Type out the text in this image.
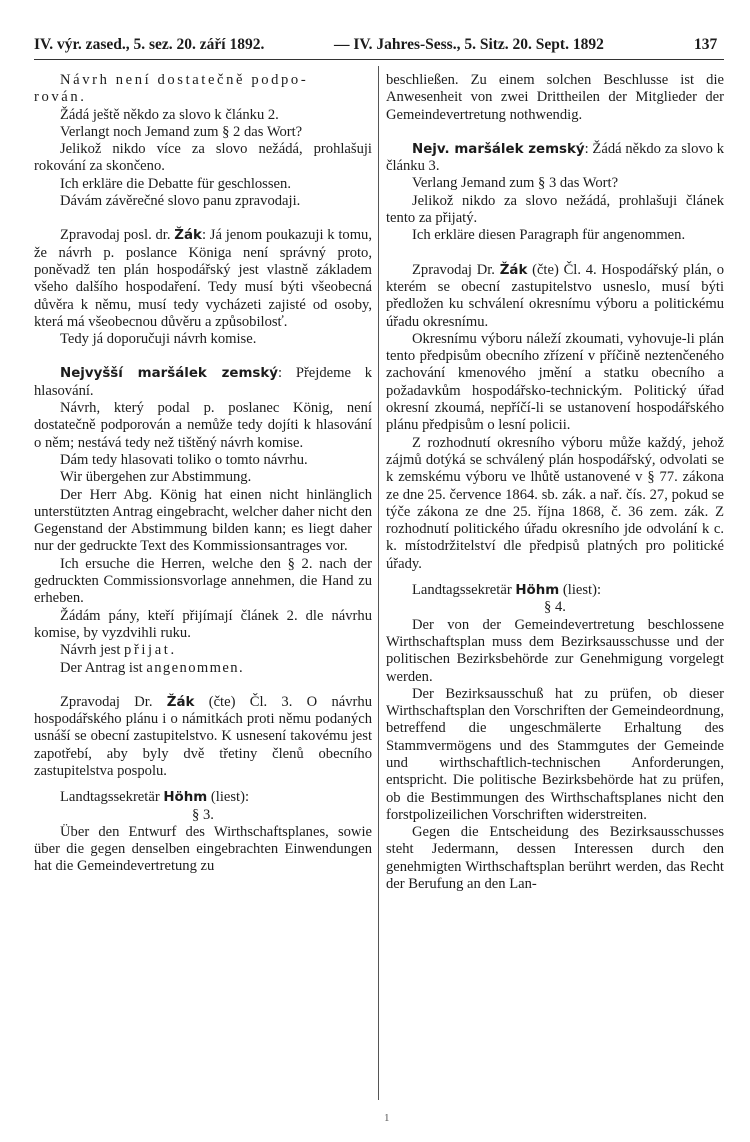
IV. výr. zased., 5. sez. 20. září 1892.	— IV. Jahres-Sess., 5. Sitz. 20. Sept. 1892	137

Návrh není dostatečně podpo-

rován.

Žádá ještě někdo za slovo k článku 2.

Verlangt noch Jemand zum § 2 das Wort?

Jelikož nikdo více za slovo nežádá, prohlašuji rokování za skončeno.

Ich erkläre die Debatte für geschlossen.

Dávám závěrečné slovo panu zpravodaji.

Zpravodaj posl. dr. Žák: Já jenom poukazuji k tomu, že návrh p. poslance Königa není správný proto, poněvadž ten plán hospodářský jest vlastně základem všeho dalšího hospodaření. Tedy musí býti všeobecná důvěra k němu, musí tedy vycházeti zajisté od osoby, která má všeobecnou důvěru a způsobilosť.

Tedy já doporučuji návrh komise.

Nejvyšší maršálek zemský: Přejdeme k hlasování.

Návrh, který podal p. poslanec König, není dostatečně podporován a nemůže tedy dojíti k hlasování o něm; nestává tedy než tištěný návrh komise.

Dám tedy hlasovati toliko o tomto návrhu.

Wir übergehen zur Abstimmung.

Der Herr Abg. König hat einen nicht hinlänglich unterstützten Antrag eingebracht, welcher daher nicht den Gegenstand der Abstimmung bilden kann; es liegt daher nur der gedruckte Text des Kommissionsantrages vor.

Ich ersuche die Herren, welche den § 2. nach der gedruckten Commissionsvorlage annehmen, die Hand zu erheben.

Žádám pány, kteří přijímají článek 2. dle návrhu komise, by vyzdvihli ruku.

Návrh jest přijat.

Der Antrag ist angenommen.

Zpravodaj Dr. Žák (čte) Čl. 3. O návrhu hospodářského plánu i o námitkách proti němu podaných usnáší se obecní zastupitelstvo. K usnesení takovému jest zapotřebí, aby byly dvě třetiny členů obecního zastupitelstva pospolu.

Landtagssekretär Höhm (liest):

§ 3.

Über den Entwurf des Wirthschaftsplanes, sowie über die gegen denselben eingebrachten Einwendungen hat die Gemeindevertretung zu

beschließen. Zu einem solchen Beschlusse ist die Anwesenheit von zwei Drittheilen der Mitglieder der Gemeindevertretung nothwendig.

Nejv. maršálek zemský: Žádá někdo za slovo k článku 3.

Verlang Jemand zum § 3 das Wort?

Jelikož nikdo za slovo nežádá, prohlašuji článek tento za přijatý.

Ich erkläre diesen Paragraph für angenommen.

Zpravodaj Dr. Žák (čte) Čl. 4. Hospodářský plán, o kterém se obecní zastupitelstvo usneslo, musí býti předložen ku schválení okresnímu výboru a politickému úřadu okresnímu.

Okresnímu výboru náleží zkoumati, vyhovuje-li plán tento předpisům obecního zřízení v příčině neztenčeného zachování kmenového jmění a statku obecního a požadavkům hospodářsko-technickým. Politický úřad okresní zkoumá, nepříčí-li se ustanovení hospodářského plánu předpisům o lesní policii.

Z rozhodnutí okresního výboru může každý, jehož zájmů dotýká se schválený plán hospodářský, odvolati se k zemskému výboru ve lhůtě ustanovené v § 77. zákona ze dne 25. července 1864. sb. zák. a nař. čís. 27, pokud se týče zákona ze dne 25. října 1868, č. 36 zem. zák. Z rozhodnutí politického úřadu okresního jde odvolání k c. k. místodržitelství dle předpisů platných pro politické úřady.

Landtagssekretär Höhm (liest):

§ 4.

Der von der Gemeindevertretung beschlossene Wirthschaftsplan muss dem Bezirksausschusse und der politischen Bezirksbehörde zur Genehmigung vorgelegt werden.

Der Bezirksausschuß hat zu prüfen, ob dieser Wirthschaftsplan den Vorschriften der Gemeindeordnung, betreffend die ungeschmälerte Erhaltung des Stammvermögens und des Stammgutes der Gemeinde und wirthschaftlich-technischen Anforderungen, entspricht. Die politische Bezirksbehörde hat zu prüfen, ob die Bestimmungen des Wirthschaftsplanes nicht den forstpolizeilichen Vorschriften widerstreiten.

Gegen die Entscheidung des Bezirksausschusses steht Jedermann, dessen Interessen durch den genehmigten Wirthschaftsplan berührt werden, das Recht der Berufung an den Lan-

1
